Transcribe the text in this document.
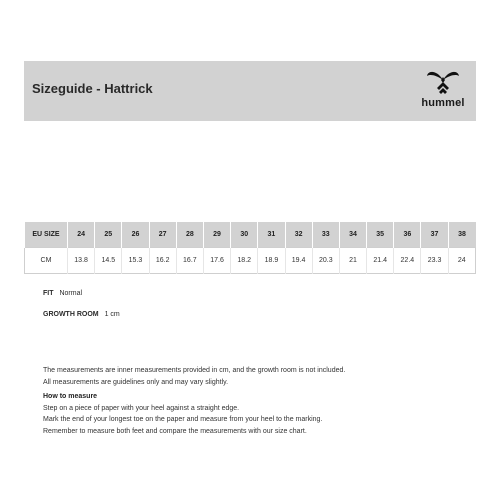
Sizeguide - Hattrick
hummel
EU SIZE	24	25	26	27	28	29	30	31	32	33	34	35	36	37	38
CM	13.8	14.5	15.3	16.2	16.7	17.6	18.2	18.9	19.4	20.3	21	21.4	22.4	23.3	24
FIT Normal
GROWTH ROOM 1 cm
The measurements are inner measurements provided in cm, and the growth room is not included.
All measurements are guidelines only and may vary slightly.
How to measure
Step on a piece of paper with your heel against a straight edge.
Mark the end of your longest toe on the paper and measure from your heel to the marking.
Remember to measure both feet and compare the measurements with our size chart.
